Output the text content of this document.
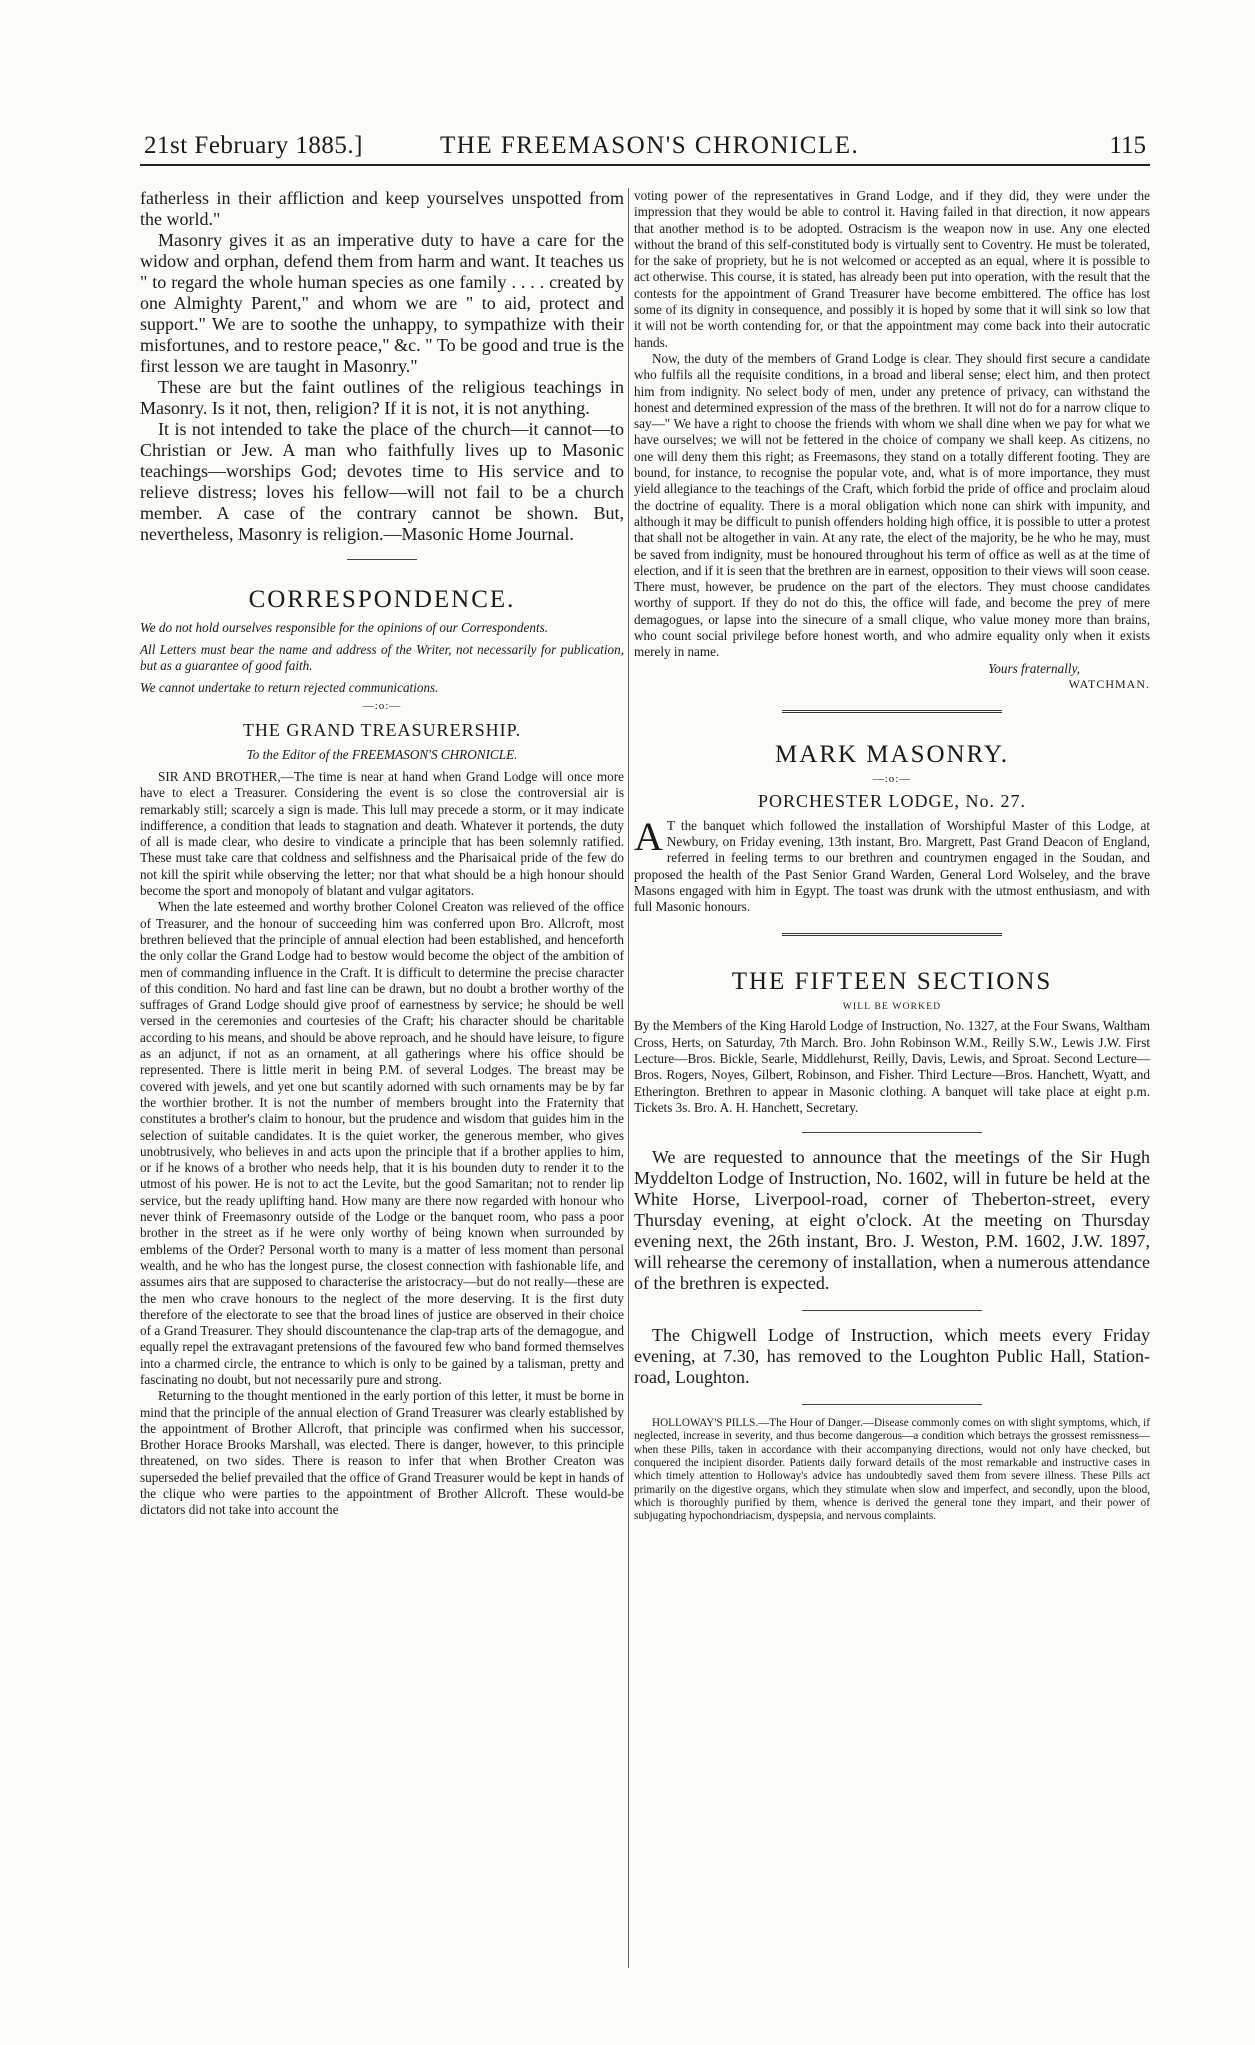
21st February 1885.]	THE FREEMASON'S CHRONICLE.	115

fatherless in their affliction and keep yourselves unspotted from the world."

Masonry gives it as an imperative duty to have a care for the widow and orphan, defend them from harm and want. It teaches us " to regard the whole human species as one family . . . . created by one Almighty Parent," and whom we are " to aid, protect and support." We are to soothe the unhappy, to sympathize with their misfortunes, and to restore peace," &c. " To be good and true is the first lesson we are taught in Masonry."

These are but the faint outlines of the religious teachings in Masonry. Is it not, then, religion? If it is not, it is not anything.

It is not intended to take the place of the church—it cannot—to Christian or Jew. A man who faithfully lives up to Masonic teachings—worships God; devotes time to His service and to relieve distress; loves his fellow—will not fail to be a church member. A case of the contrary cannot be shown. But, nevertheless, Masonry is religion.—Masonic Home Journal.

CORRESPONDENCE.

We do not hold ourselves responsible for the opinions of our Correspondents.

All Letters must bear the name and address of the Writer, not necessarily for publication, but as a guarantee of good faith.

We cannot undertake to return rejected communications.

—:o:—
THE GRAND TREASURERSHIP.
To the Editor of the FREEMASON'S CHRONICLE.

SIR AND BROTHER,—The time is near at hand when Grand Lodge will once more have to elect a Treasurer. Considering the event is so close the controversial air is remarkably still; scarcely a sign is made. This lull may precede a storm, or it may indicate indifference, a condition that leads to stagnation and death. Whatever it portends, the duty of all is made clear, who desire to vindicate a principle that has been solemnly ratified. These must take care that coldness and selfishness and the Pharisaical pride of the few do not kill the spirit while observing the letter; nor that what should be a high honour should become the sport and monopoly of blatant and vulgar agitators.

When the late esteemed and worthy brother Colonel Creaton was relieved of the office of Treasurer, and the honour of succeeding him was conferred upon Bro. Allcroft, most brethren believed that the principle of annual election had been established, and henceforth the only collar the Grand Lodge had to bestow would become the object of the ambition of men of commanding influence in the Craft. It is difficult to determine the precise character of this condition. No hard and fast line can be drawn, but no doubt a brother worthy of the suffrages of Grand Lodge should give proof of earnestness by service; he should be well versed in the ceremonies and courtesies of the Craft; his character should be charitable according to his means, and should be above reproach, and he should have leisure, to figure as an adjunct, if not as an ornament, at all gatherings where his office should be represented. There is little merit in being P.M. of several Lodges. The breast may be covered with jewels, and yet one but scantily adorned with such ornaments may be by far the worthier brother. It is not the number of members brought into the Fraternity that constitutes a brother's claim to honour, but the prudence and wisdom that guides him in the selection of suitable candidates. It is the quiet worker, the generous member, who gives unobtrusively, who believes in and acts upon the principle that if a brother applies to him, or if he knows of a brother who needs help, that it is his bounden duty to render it to the utmost of his power. He is not to act the Levite, but the good Samaritan; not to render lip service, but the ready uplifting hand. How many are there now regarded with honour who never think of Freemasonry outside of the Lodge or the banquet room, who pass a poor brother in the street as if he were only worthy of being known when surrounded by emblems of the Order? Personal worth to many is a matter of less moment than personal wealth, and he who has the longest purse, the closest connection with fashionable life, and assumes airs that are supposed to characterise the aristocracy—but do not really—these are the men who crave honours to the neglect of the more deserving. It is the first duty therefore of the electorate to see that the broad lines of justice are observed in their choice of a Grand Treasurer. They should discountenance the clap-trap arts of the demagogue, and equally repel the extravagant pretensions of the favoured few who band formed themselves into a charmed circle, the entrance to which is only to be gained by a talisman, pretty and fascinating no doubt, but not necessarily pure and strong.

Returning to the thought mentioned in the early portion of this letter, it must be borne in mind that the principle of the annual election of Grand Treasurer was clearly established by the appointment of Brother Allcroft, that principle was confirmed when his successor, Brother Horace Brooks Marshall, was elected. There is danger, however, to this principle threatened, on two sides. There is reason to infer that when Brother Creaton was superseded the belief prevailed that the office of Grand Treasurer would be kept in hands of the clique who were parties to the appointment of Brother Allcroft. These would-be dictators did not take into account the

voting power of the representatives in Grand Lodge, and if they did, they were under the impression that they would be able to control it. Having failed in that direction, it now appears that another method is to be adopted. Ostracism is the weapon now in use. Any one elected without the brand of this self-constituted body is virtually sent to Coventry. He must be tolerated, for the sake of propriety, but he is not welcomed or accepted as an equal, where it is possible to act otherwise. This course, it is stated, has already been put into operation, with the result that the contests for the appointment of Grand Treasurer have become embittered. The office has lost some of its dignity in consequence, and possibly it is hoped by some that it will sink so low that it will not be worth contending for, or that the appointment may come back into their autocratic hands.

Now, the duty of the members of Grand Lodge is clear. They should first secure a candidate who fulfils all the requisite conditions, in a broad and liberal sense; elect him, and then protect him from indignity. No select body of men, under any pretence of privacy, can withstand the honest and determined expression of the mass of the brethren. It will not do for a narrow clique to say—" We have a right to choose the friends with whom we shall dine when we pay for what we have ourselves; we will not be fettered in the choice of company we shall keep. As citizens, no one will deny them this right; as Freemasons, they stand on a totally different footing. They are bound, for instance, to recognise the popular vote, and, what is of more importance, they must yield allegiance to the teachings of the Craft, which forbid the pride of office and proclaim aloud the doctrine of equality. There is a moral obligation which none can shirk with impunity, and although it may be difficult to punish offenders holding high office, it is possible to utter a protest that shall not be altogether in vain. At any rate, the elect of the majority, be he who he may, must be saved from indignity, must be honoured throughout his term of office as well as at the time of election, and if it is seen that the brethren are in earnest, opposition to their views will soon cease. There must, however, be prudence on the part of the electors. They must choose candidates worthy of support. If they do not do this, the office will fade, and become the prey of mere demagogues, or lapse into the sinecure of a small clique, who value money more than brains, who count social privilege before honest worth, and who admire equality only when it exists merely in name.

Yours fraternally,
WATCHMAN.
MARK MASONRY.
—:o:—
PORCHESTER LODGE, No. 27.

A T the banquet which followed the installation of Worshipful Master of this Lodge, at Newbury, on Friday evening, 13th instant, Bro. Margrett, Past Grand Deacon of England, referred in feeling terms to our brethren and countrymen engaged in the Soudan, and proposed the health of the Past Senior Grand Warden, General Lord Wolseley, and the brave Masons engaged with him in Egypt. The toast was drunk with the utmost enthusiasm, and with full Masonic honours.

THE FIFTEEN SECTIONS
WILL BE WORKED

By the Members of the King Harold Lodge of Instruction, No. 1327, at the Four Swans, Waltham Cross, Herts, on Saturday, 7th March. Bro. John Robinson W.M., Reilly S.W., Lewis J.W. First Lecture—Bros. Bickle, Searle, Middlehurst, Reilly, Davis, Lewis, and Sproat. Second Lecture—Bros. Rogers, Noyes, Gilbert, Robinson, and Fisher. Third Lecture—Bros. Hanchett, Wyatt, and Etherington. Brethren to appear in Masonic clothing. A banquet will take place at eight p.m. Tickets 3s. Bro. A. H. Hanchett, Secretary.

We are requested to announce that the meetings of the Sir Hugh Myddelton Lodge of Instruction, No. 1602, will in future be held at the White Horse, Liverpool-road, corner of Theberton-street, every Thursday evening, at eight o'clock. At the meeting on Thursday evening next, the 26th instant, Bro. J. Weston, P.M. 1602, J.W. 1897, will rehearse the ceremony of installation, when a numerous attendance of the brethren is expected.

The Chigwell Lodge of Instruction, which meets every Friday evening, at 7.30, has removed to the Loughton Public Hall, Station-road, Loughton.

HOLLOWAY'S PILLS.—The Hour of Danger.—Disease commonly comes on with slight symptoms, which, if neglected, increase in severity, and thus become dangerous—a condition which betrays the grossest remissness—when these Pills, taken in accordance with their accompanying directions, would not only have checked, but conquered the incipient disorder. Patients daily forward details of the most remarkable and instructive cases in which timely attention to Holloway's advice has undoubtedly saved them from severe illness. These Pills act primarily on the digestive organs, which they stimulate when slow and imperfect, and secondly, upon the blood, which is thoroughly purified by them, whence is derived the general tone they impart, and their power of subjugating hypochondriacism, dyspepsia, and nervous complaints.
